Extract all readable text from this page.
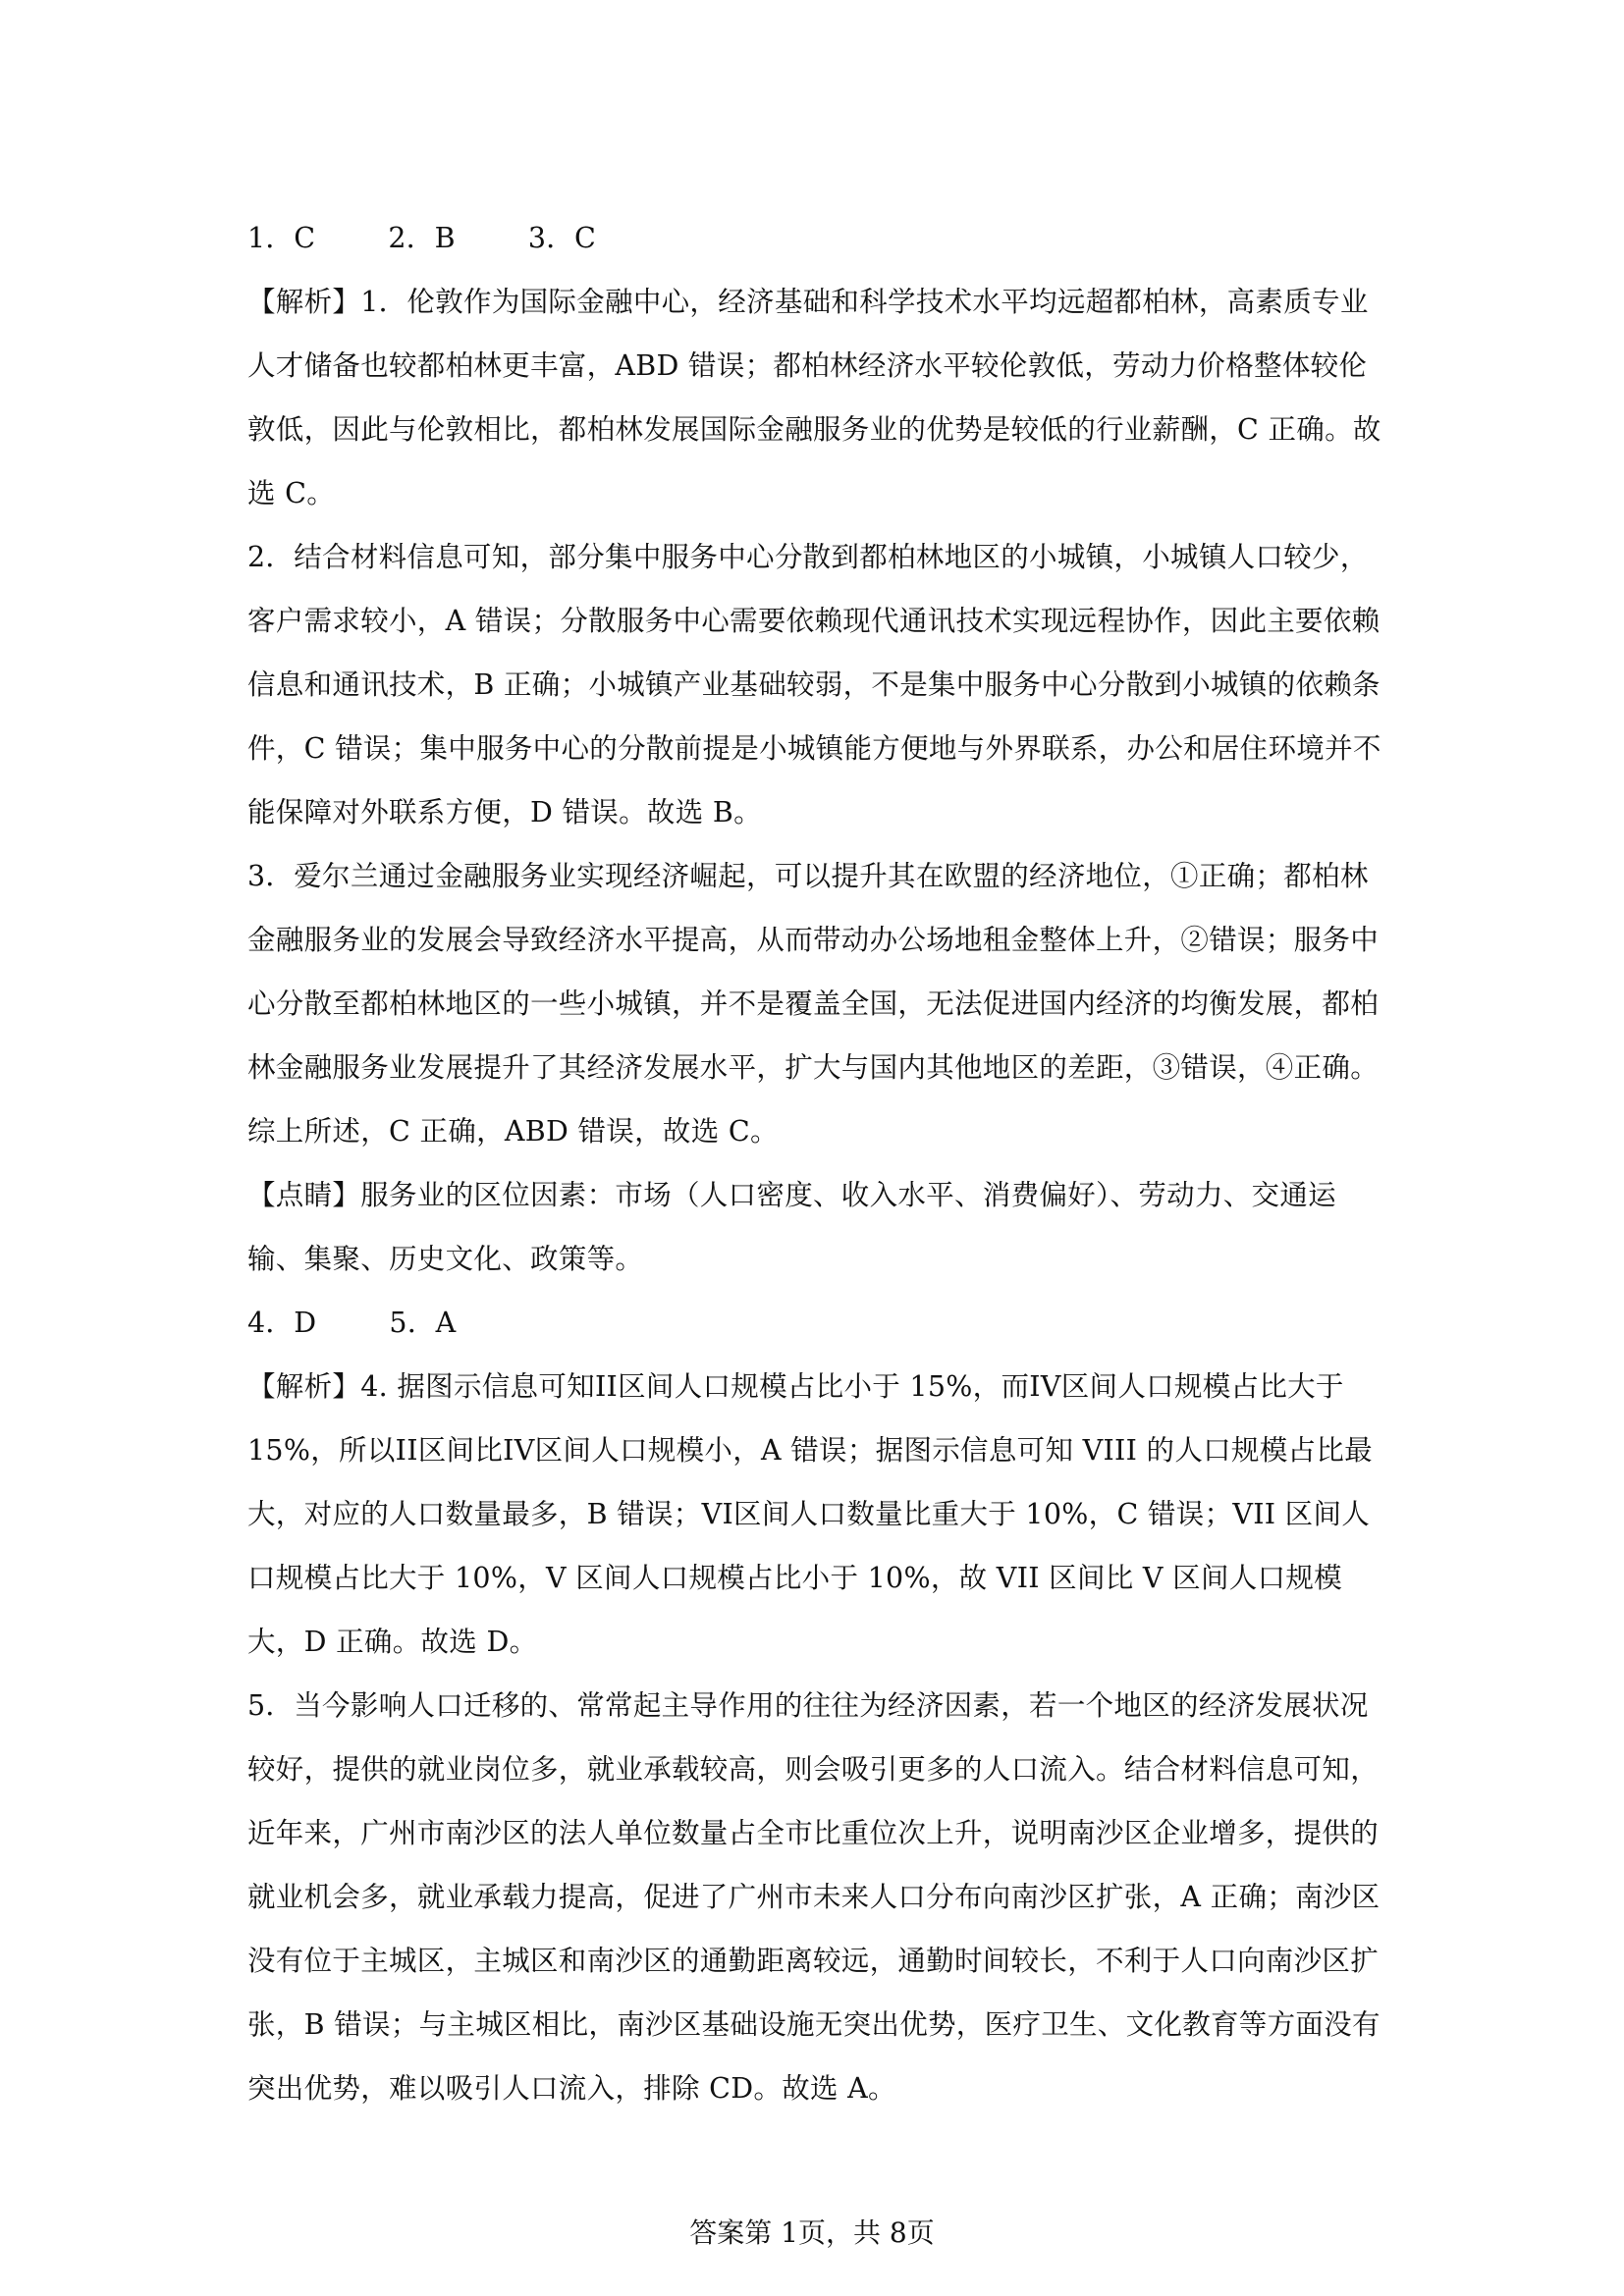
1．C	2．B	3．C

【解析】1．伦敦作为国际金融中心，经济基础和科学技术水平均远超都柏林，高素质专业人才储备也较都柏林更丰富，ABD 错误；都柏林经济水平较伦敦低，劳动力价格整体较伦敦低，因此与伦敦相比，都柏林发展国际金融服务业的优势是较低的行业薪酬，C 正确。故选 C。

2．结合材料信息可知，部分集中服务中心分散到都柏林地区的小城镇，小城镇人口较少，客户需求较小，A 错误；分散服务中心需要依赖现代通讯技术实现远程协作，因此主要依赖信息和通讯技术，B 正确；小城镇产业基础较弱，不是集中服务中心分散到小城镇的依赖条件，C 错误；集中服务中心的分散前提是小城镇能方便地与外界联系，办公和居住环境并不能保障对外联系方便，D 错误。故选 B。

3．爱尔兰通过金融服务业实现经济崛起，可以提升其在欧盟的经济地位，①正确；都柏林金融服务业的发展会导致经济水平提高，从而带动办公场地租金整体上升，②错误；服务中心分散至都柏林地区的一些小城镇，并不是覆盖全国，无法促进国内经济的均衡发展，都柏林金融服务业发展提升了其经济发展水平，扩大与国内其他地区的差距，③错误，④正确。综上所述，C 正确，ABD 错误，故选 C。

【点睛】服务业的区位因素：市场（人口密度、收入水平、消费偏好）、劳动力、交通运输、集聚、历史文化、政策等。

4．D	5．A

【解析】4. 据图示信息可知II区间人口规模占比小于 15%，而IV区间人口规模占比大于 15%，所以II区间比IV区间人口规模小，A 错误；据图示信息可知 VIII 的人口规模占比最大，对应的人口数量最多，B 错误；VI区间人口数量比重大于 10%，C 错误；VII 区间人口规模占比大于 10%，V 区间人口规模占比小于 10%，故 VII 区间比 V 区间人口规模大，D 正确。故选 D。

5．当今影响人口迁移的、常常起主导作用的往往为经济因素，若一个地区的经济发展状况较好，提供的就业岗位多，就业承载较高，则会吸引更多的人口流入。结合材料信息可知，近年来，广州市南沙区的法人单位数量占全市比重位次上升，说明南沙区企业增多，提供的就业机会多，就业承载力提高，促进了广州市未来人口分布向南沙区扩张，A 正确；南沙区没有位于主城区，主城区和南沙区的通勤距离较远，通勤时间较长，不利于人口向南沙区扩张，B 错误；与主城区相比，南沙区基础设施无突出优势，医疗卫生、文化教育等方面没有突出优势，难以吸引人口流入，排除 CD。故选 A。

答案第 1页，共 8页
